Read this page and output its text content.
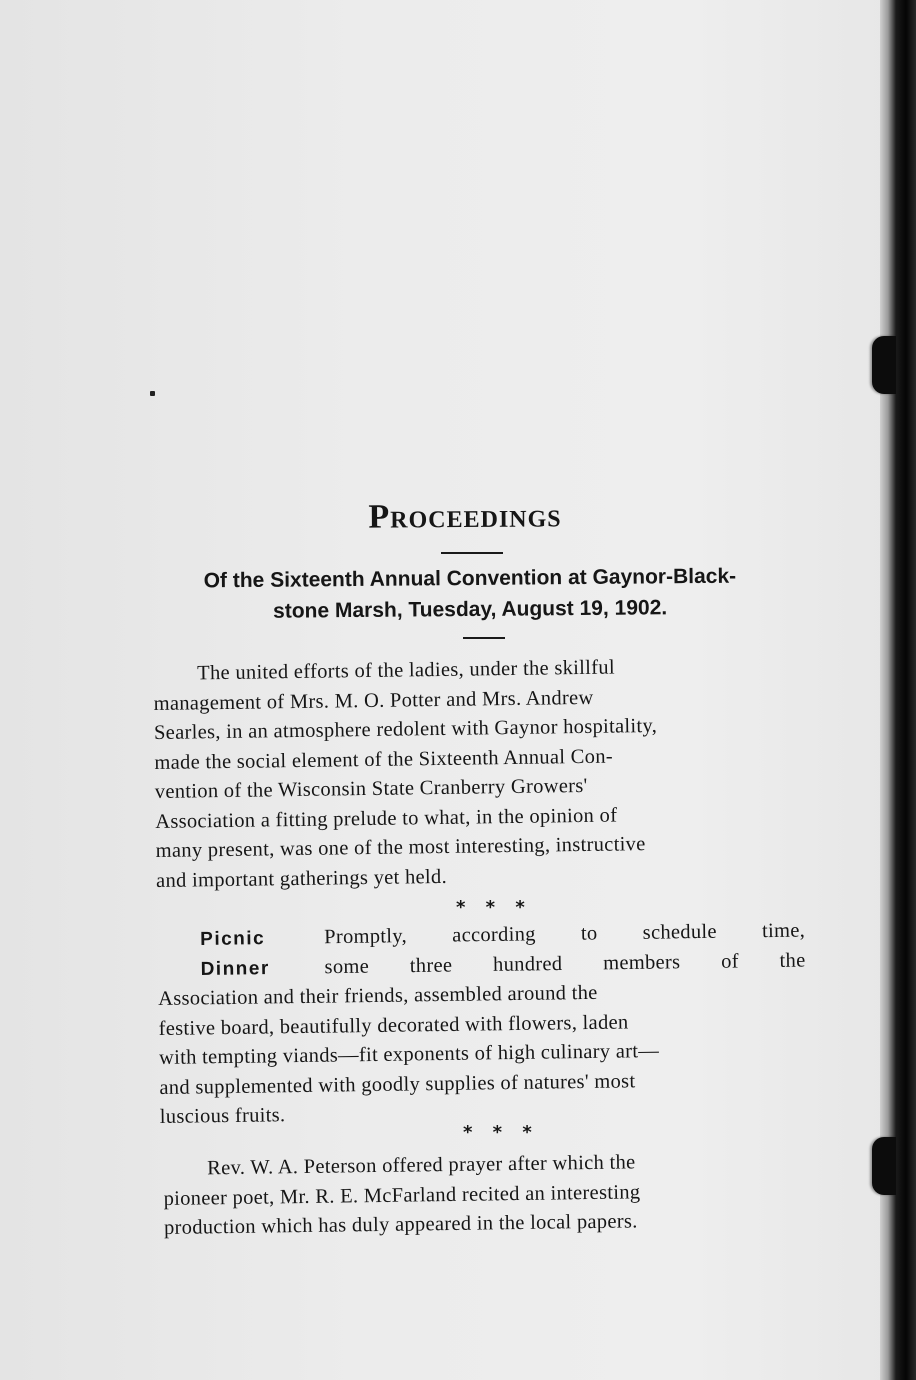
Proceedings
Of the Sixteenth Annual Convention at Gaynor-Black-
stone Marsh, Tuesday, August 19, 1902.
The united efforts of the ladies, under the skillful
management of Mrs. M. O. Potter and Mrs. Andrew
Searles, in an atmosphere redolent with Gaynor hospitality,
made the social element of the Sixteenth Annual Con-
vention of the Wisconsin State Cranberry Growers'
Association a fitting prelude to what, in the opinion of
many present, was one of the most interesting, instructive
and important gatherings yet held.
* * *
Picnic	Promptly, according to schedule time,
Dinner	some three hundred members of the
Association and their friends, assembled around the
festive board, beautifully decorated with flowers, laden
with tempting viands—fit exponents of high culinary art—
and supplemented with goodly supplies of natures' most
luscious fruits.
* * *
Rev. W. A. Peterson offered prayer after which the
pioneer poet, Mr. R. E. McFarland recited an interesting
production which has duly appeared in the local papers.
